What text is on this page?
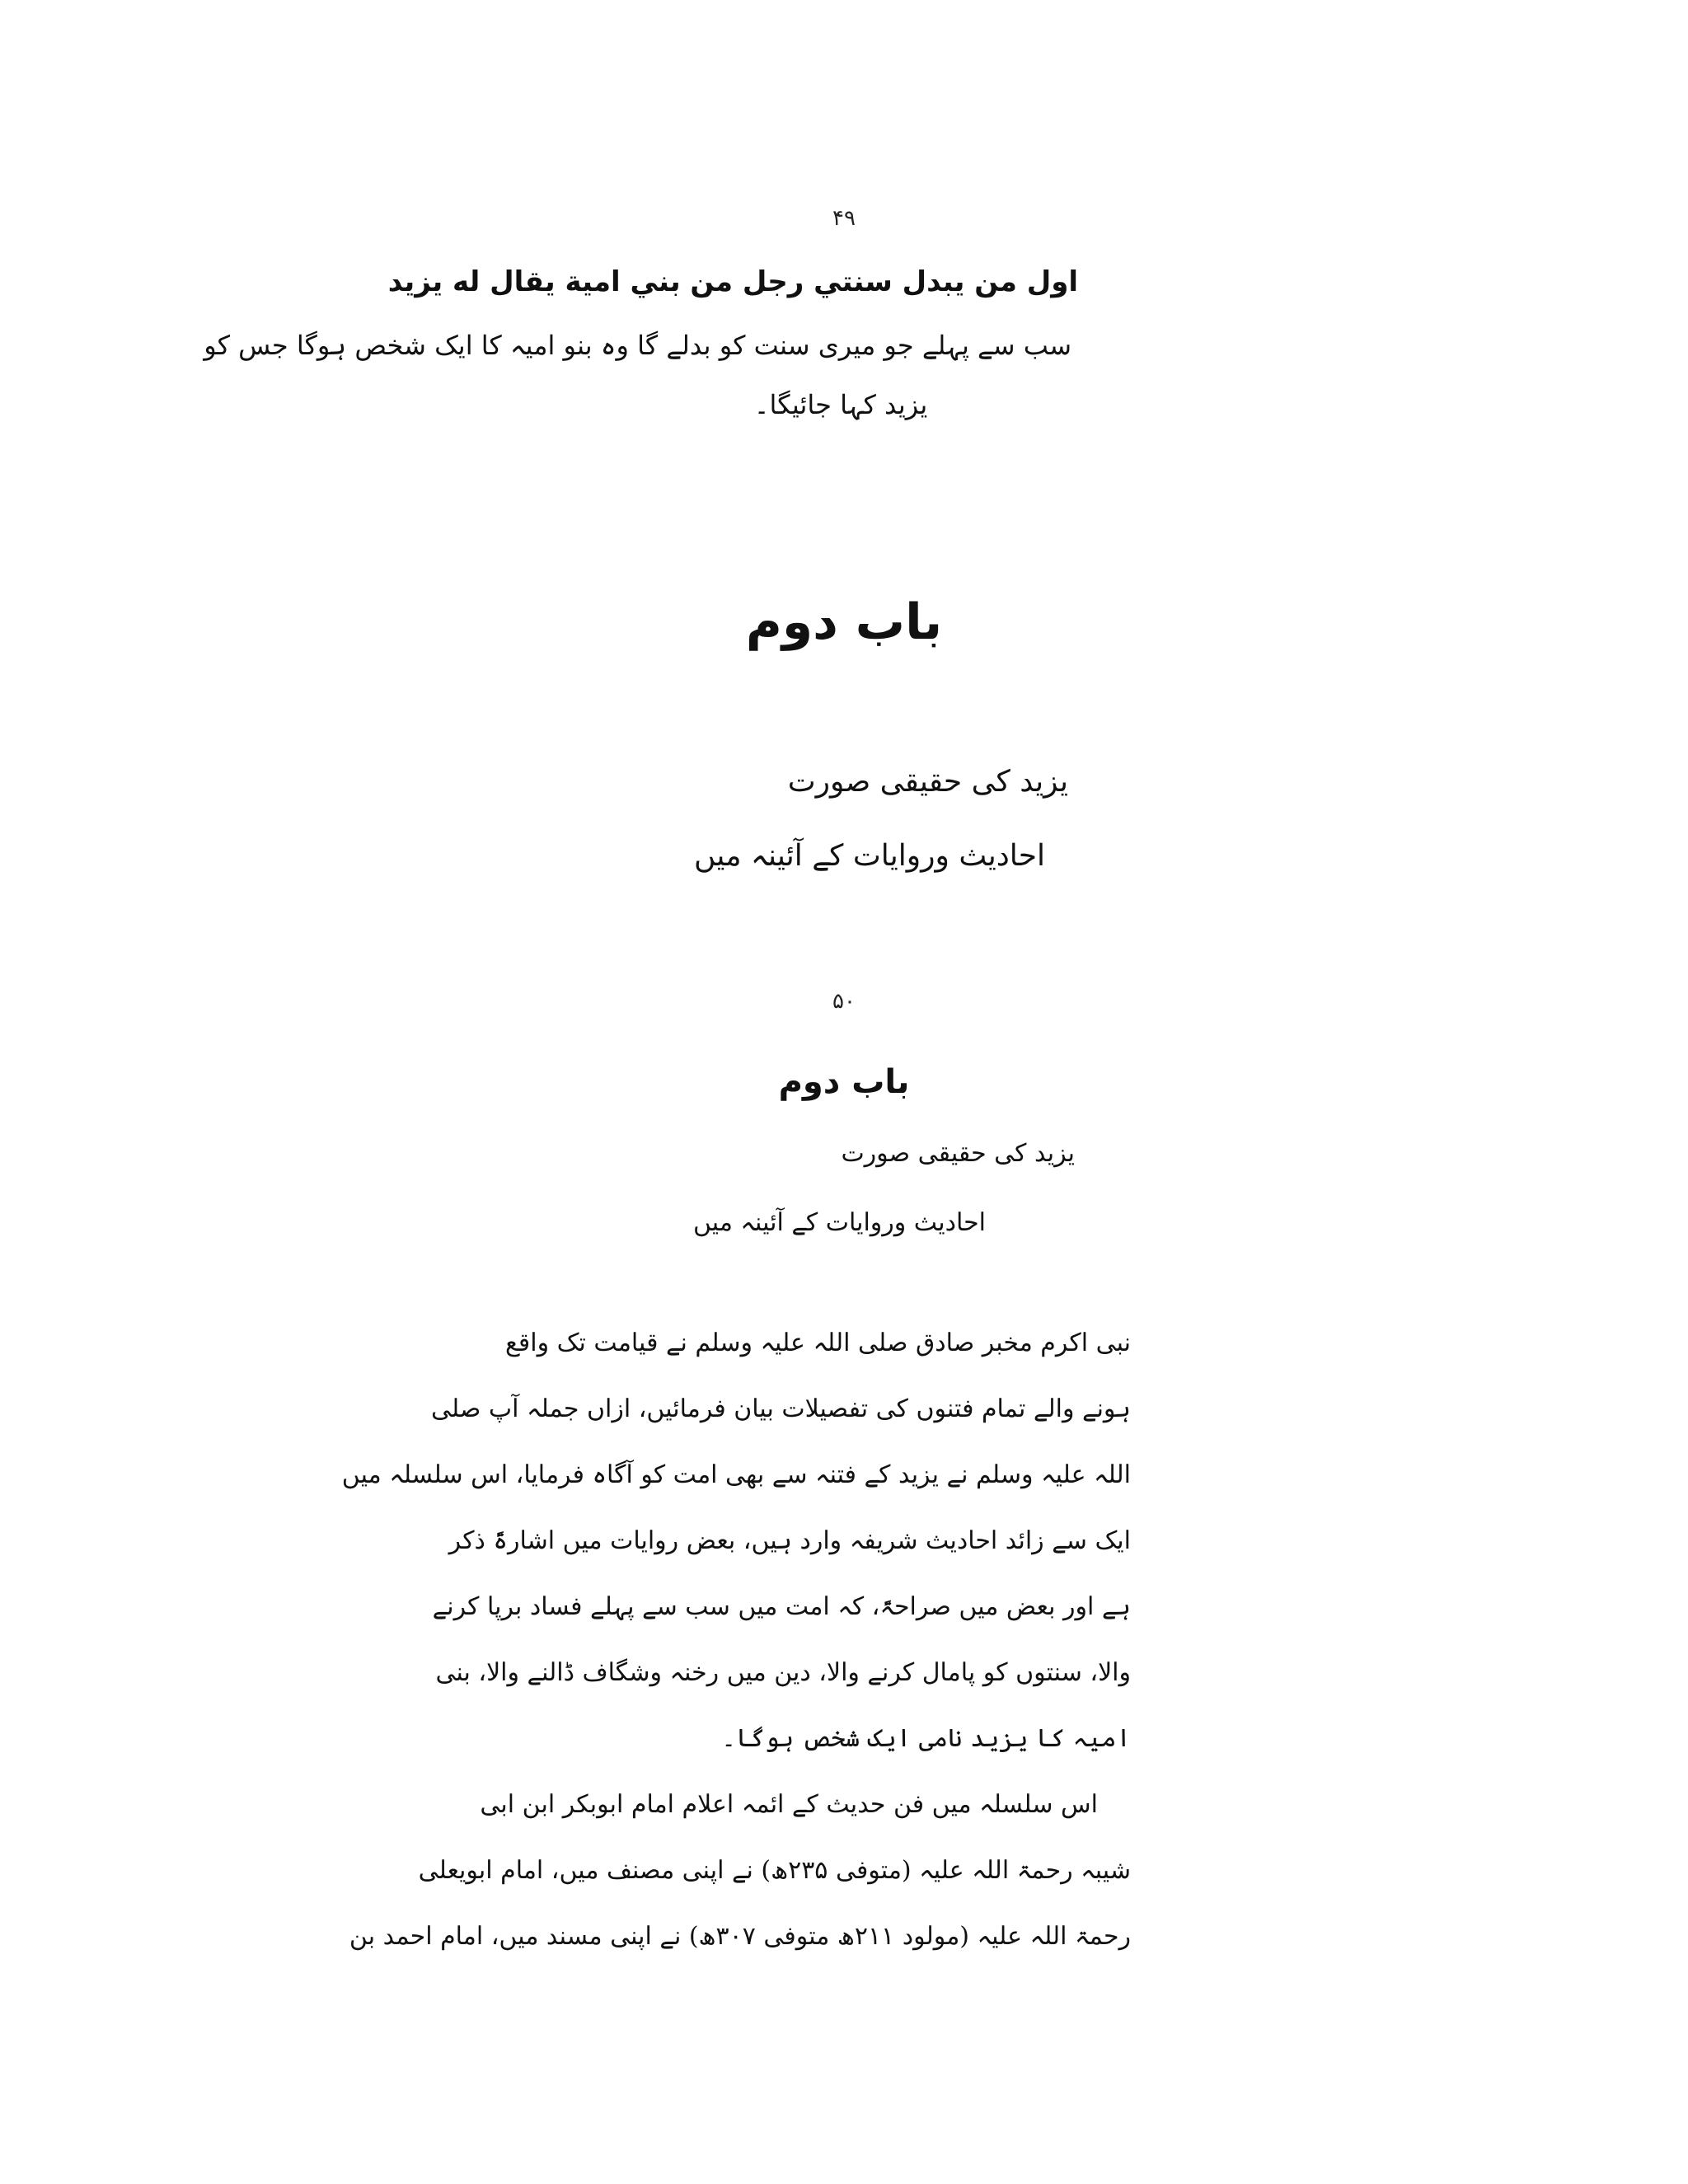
۴۹
اول من يبدل سنتي رجل من بني امية يقال له يزيد
سب سے پہلے جو میری سنت کو بدلے گا وہ بنو امیہ کا ایک شخص ہوگا جس کو
یزید کہا جائیگا۔
باب دوم
یزید کی حقیقی صورت
احادیث وروایات کے آئینہ میں
۵۰
باب دوم
یزید کی حقیقی صورت
احادیث وروایات کے آئینہ میں
نبی اکرم مخبر صادق صلی اللہ علیہ وسلم نے قیامت تک واقع
ہونے والے تمام فتنوں کی تفصیلات بیان فرمائیں، ازاں جملہ آپ صلی
اللہ علیہ وسلم نے یزید کے فتنہ سے بھی امت کو آگاہ فرمایا، اس سلسلہ میں
ایک سے زائد احادیث شریفہ وارد ہیں، بعض روایات میں اشارۃً ذکر
ہے اور بعض میں صراحۃً، کہ امت میں سب سے پہلے فساد برپا کرنے
والا، سنتوں کو پامال کرنے والا، دین میں رخنہ وشگاف ڈالنے والا، بنی
امیہ کا یزید نامی ایک شخص ہوگا۔
اس سلسلہ میں فن حدیث کے ائمہ اعلام امام ابوبکر ابن ابی
شیبہ رحمۃ اللہ علیہ (متوفی ۲۳۵ھ) نے اپنی مصنف میں، امام ابویعلی
رحمۃ اللہ علیہ (مولود ۲۱۱ھ متوفی ۳۰۷ھ) نے اپنی مسند میں، امام احمد بن
